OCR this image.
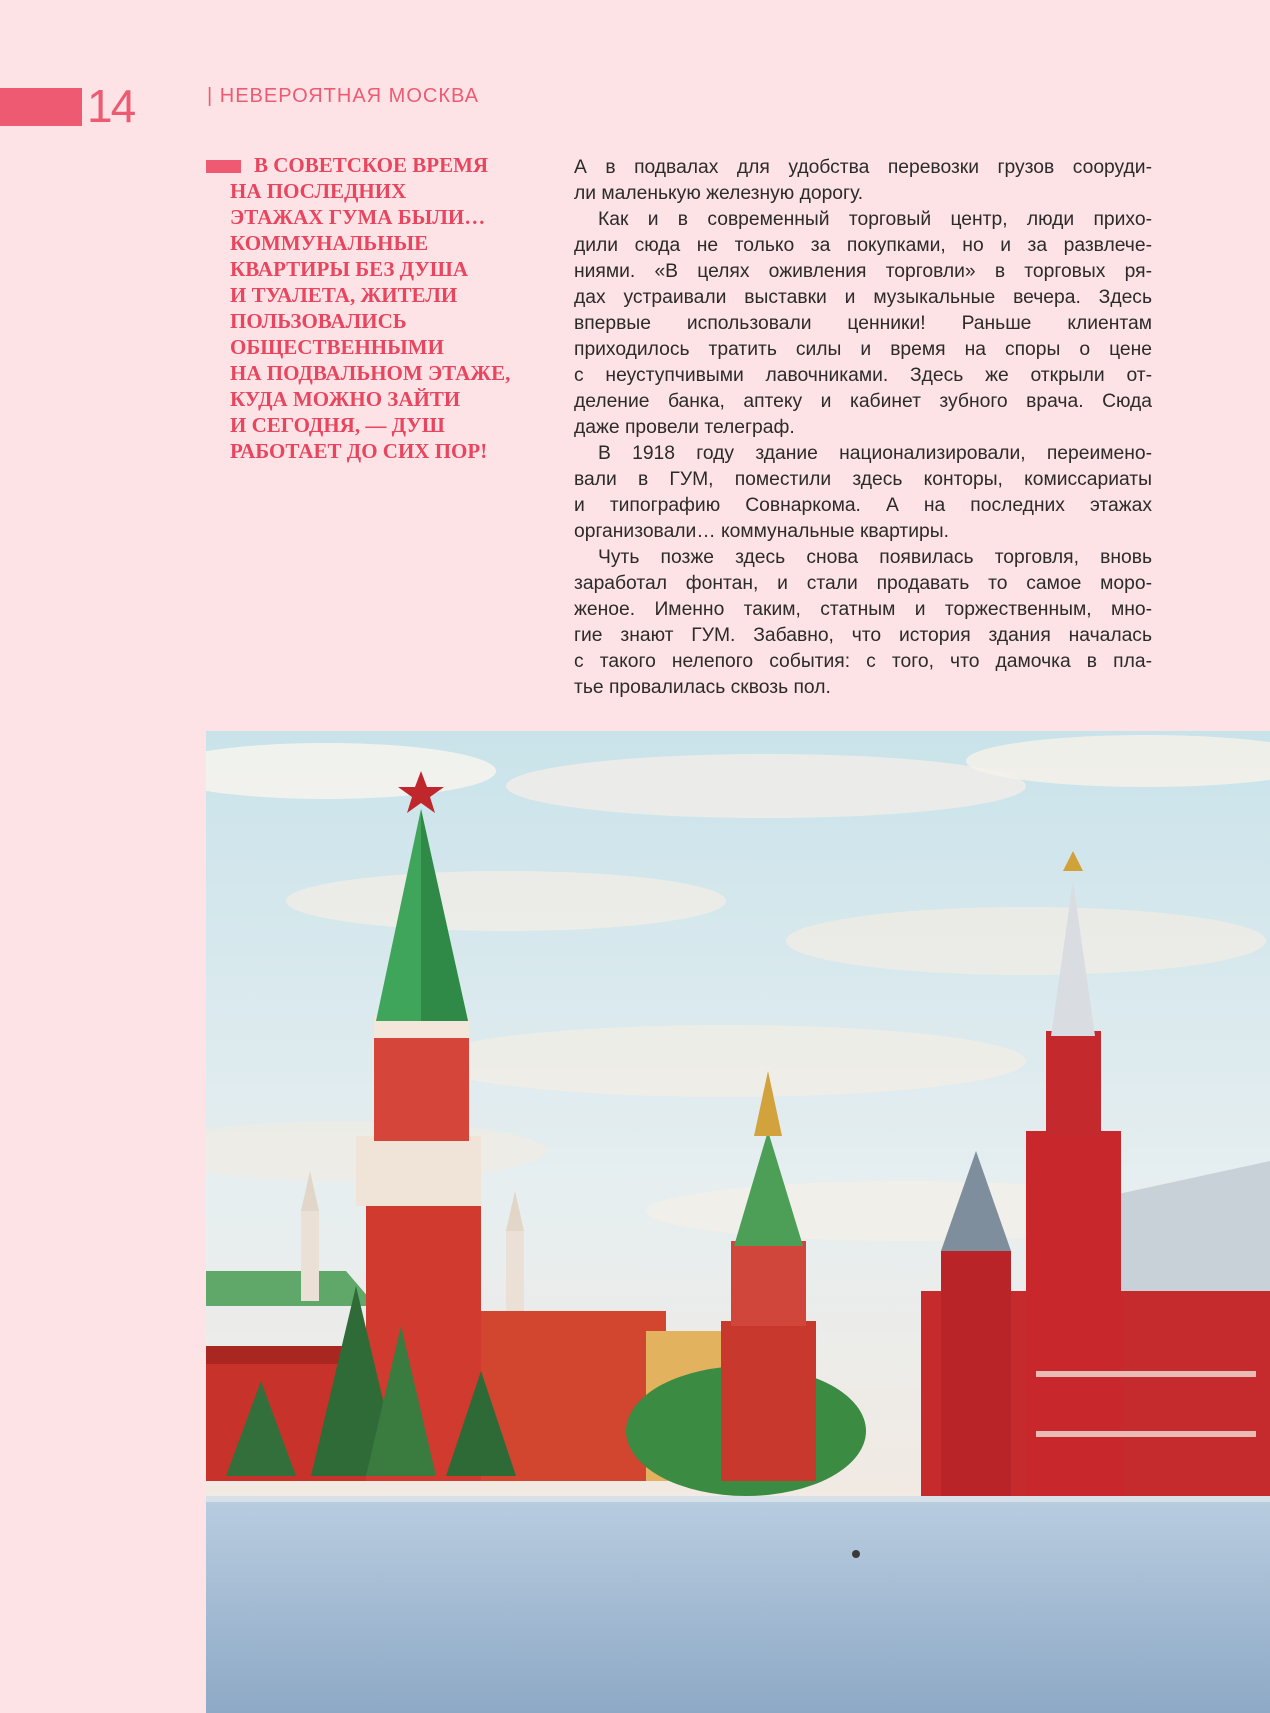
14	| НЕВЕРОЯТНАЯ МОСКВА
В СОВЕТСКОЕ ВРЕМЯ
НА ПОСЛЕДНИХ
ЭТАЖАХ ГУМА БЫЛИ…
КОММУНАЛЬНЫЕ
КВАРТИРЫ БЕЗ ДУША
И ТУАЛЕТА, ЖИТЕЛИ
ПОЛЬЗОВАЛИСЬ
ОБЩЕСТВЕННЫМИ
НА ПОДВАЛЬНОМ ЭТАЖЕ,
КУДА МОЖНО ЗАЙТИ
И СЕГОДНЯ, — ДУШ
РАБОТАЕТ ДО СИХ ПОР!
А в подвалах для удобства перевозки грузов сооруди-
ли маленькую железную дорогу.
Как и в современный торговый центр, люди прихо-
дили сюда не только за покупками, но и за развлече-
ниями. «В целях оживления торговли» в торговых ря-
дах устраивали выставки и музыкальные вечера. Здесь
впервые использовали ценники! Раньше клиентам
приходилось тратить силы и время на споры о цене
с неуступчивыми лавочниками. Здесь же открыли от-
деление банка, аптеку и кабинет зубного врача. Сюда
даже провели телеграф.
В 1918 году здание национализировали, переимено-
вали в ГУМ, поместили здесь конторы, комиссариаты
и типографию Совнаркома. А на последних этажах
организовали… коммунальные квартиры.
Чуть позже здесь снова появилась торговля, вновь
заработал фонтан, и стали продавать то самое моро-
женое. Именно таким, статным и торжественным, мно-
гие знают ГУМ. Забавно, что история здания началась
с такого нелепого события: с того, что дамочка в пла-
тье провалилась сквозь пол.
